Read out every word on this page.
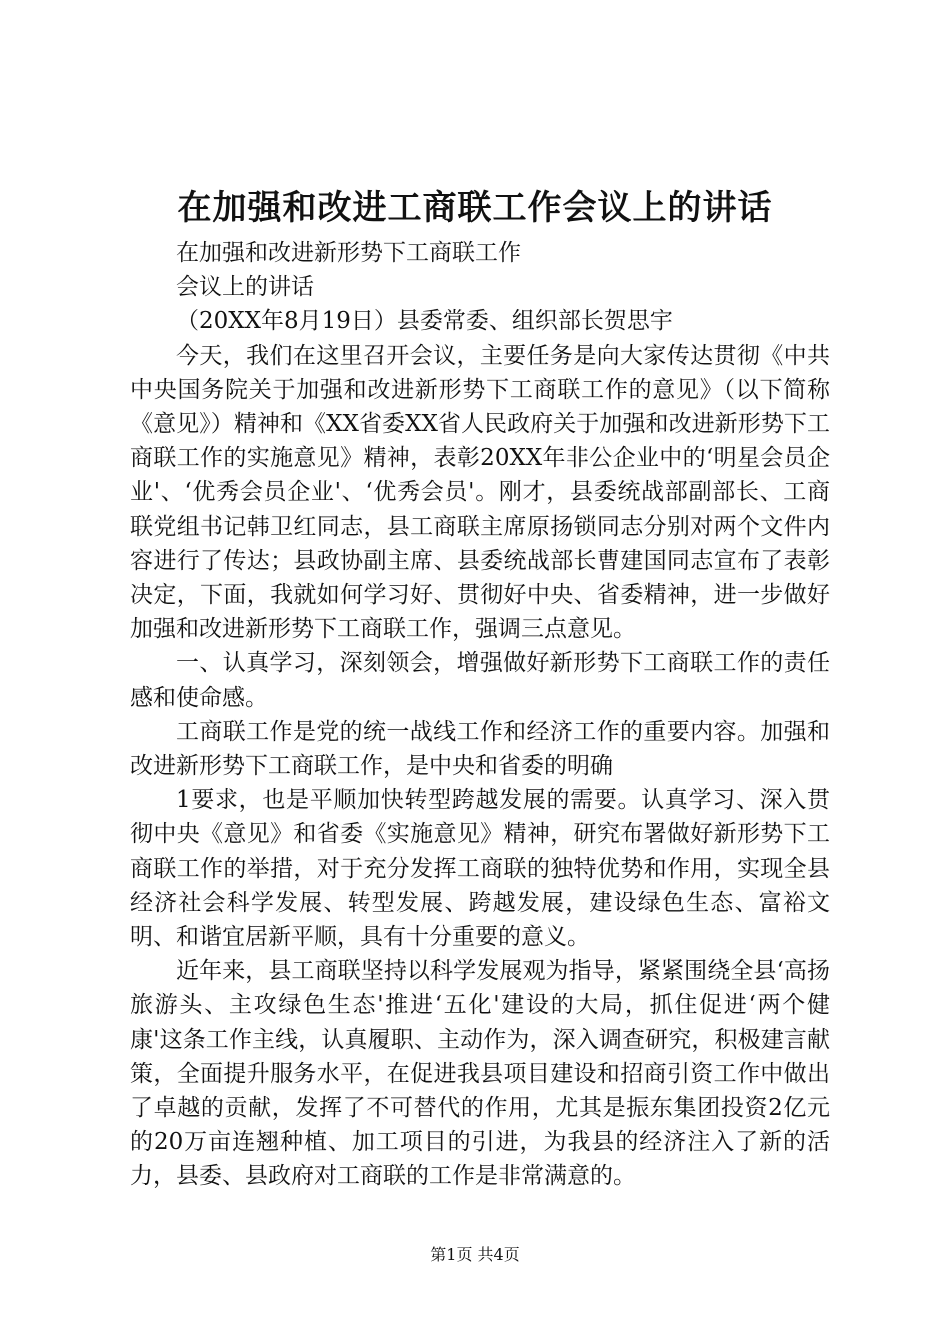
在加强和改进工商联工作会议上的讲话

在加强和改进新形势下工商联工作

会议上的讲话

（20XX年8月19日）县委常委、组织部长贺思宇

今天，我们在这里召开会议，主要任务是向大家传达贯彻《中共中央国务院关于加强和改进新形势下工商联工作的意见》（以下简称《意见》）精神和《XX省委XX省人民政府关于加强和改进新形势下工商联工作的实施意见》精神，表彰20XX年非公企业中的‘明星会员企业'、‘优秀会员企业'、‘优秀会员'。刚才，县委统战部副部长、工商联党组书记韩卫红同志，县工商联主席原扬锁同志分别对两个文件内容进行了传达；县政协副主席、县委统战部长曹建国同志宣布了表彰决定，下面，我就如何学习好、贯彻好中央、省委精神，进一步做好加强和改进新形势下工商联工作，强调三点意见。

一、认真学习，深刻领会，增强做好新形势下工商联工作的责任感和使命感。

工商联工作是党的统一战线工作和经济工作的重要内容。加强和改进新形势下工商联工作，是中央和省委的明确

1要求，也是平顺加快转型跨越发展的需要。认真学习、深入贯彻中央《意见》和省委《实施意见》精神，研究布署做好新形势下工商联工作的举措，对于充分发挥工商联的独特优势和作用，实现全县经济社会科学发展、转型发展、跨越发展，建设绿色生态、富裕文明、和谐宜居新平顺，具有十分重要的意义。

近年来，县工商联坚持以科学发展观为指导，紧紧围绕全县‘高扬旅游头、主攻绿色生态'推进‘五化'建设的大局，抓住促进‘两个健康'这条工作主线，认真履职、主动作为，深入调查研究，积极建言献策，全面提升服务水平，在促进我县项目建设和招商引资工作中做出了卓越的贡献，发挥了不可替代的作用，尤其是振东集团投资2亿元的20万亩连翘种植、加工项目的引进，为我县的经济注入了新的活力，县委、县政府对工商联的工作是非常满意的。

第1页 共4页
